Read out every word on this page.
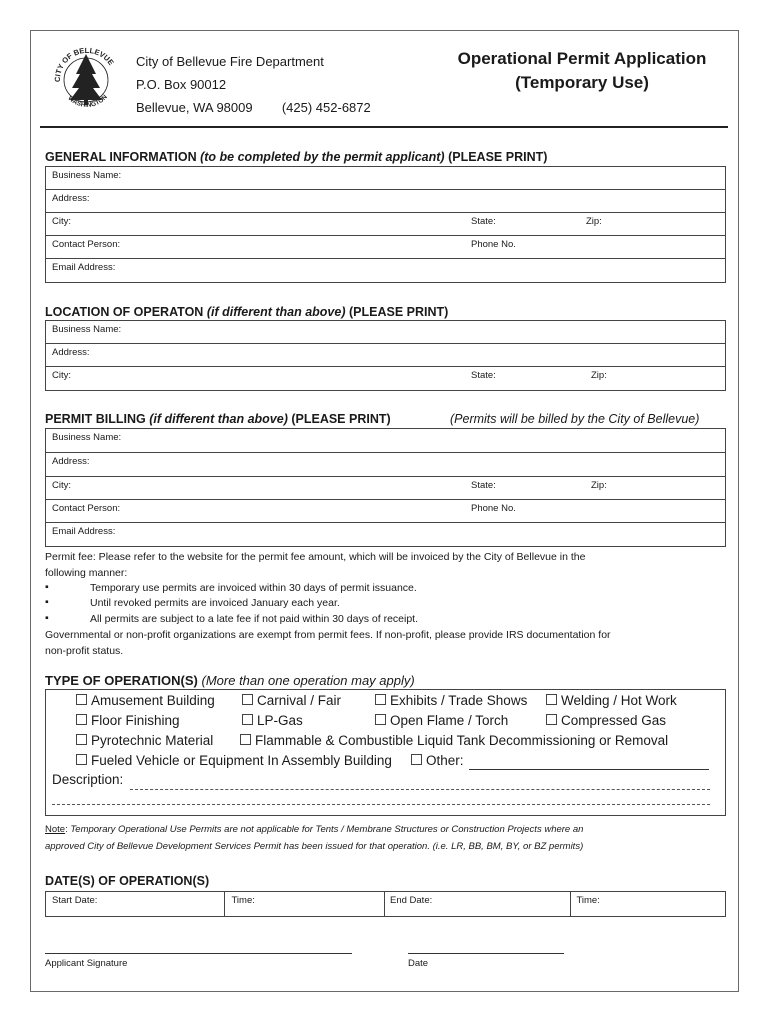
CITY OF BELLEVUE
WASHINGTON
City of Bellevue Fire Department
P.O. Box 90012
Bellevue, WA 98009 (425) 452-6872
Operational Permit Application
(Temporary Use)
GENERAL INFORMATION (to be completed by the permit applicant) (PLEASE PRINT)
Business Name:
Address:
City:	State:	Zip:
Contact Person:	Phone No.
Email Address:
LOCATION OF OPERATON (if different than above) (PLEASE PRINT)
Business Name:
Address:
City:	State:	Zip:
PERMIT BILLING (if different than above) (PLEASE PRINT)	(Permits will be billed by the City of Bellevue)
Business Name:
Address:
City:	State:	Zip:
Contact Person:	Phone No.
Email Address:
Permit fee: Please refer to the website for the permit fee amount, which will be invoiced by the City of Bellevue in the
following manner:
▪	Temporary use permits are invoiced within 30 days of permit issuance.
▪	Until revoked permits are invoiced January each year.
▪	All permits are subject to a late fee if not paid within 30 days of receipt.
Governmental or non-profit organizations are exempt from permit fees. If non-profit, please provide IRS documentation for
non-profit status.
TYPE OF OPERATION(S) (More than one operation may apply)
Amusement Building	Carnival / Fair	Exhibits / Trade Shows	Welding / Hot Work
Floor Finishing	LP-Gas	Open Flame / Torch	Compressed Gas
Pyrotechnic Material	Flammable & Combustible Liquid Tank Decommissioning or Removal
Fueled Vehicle or Equipment In Assembly Building	Other:
Description:
Note: Temporary Operational Use Permits are not applicable for Tents / Membrane Structures or Construction Projects where an
approved City of Bellevue Development Services Permit has been issued for that operation. (i.e. LR, BB, BM, BY, or BZ permits)
DATE(S) OF OPERATION(S)
Start Date:	Time:	End Date:	Time:
Applicant Signature	Date
